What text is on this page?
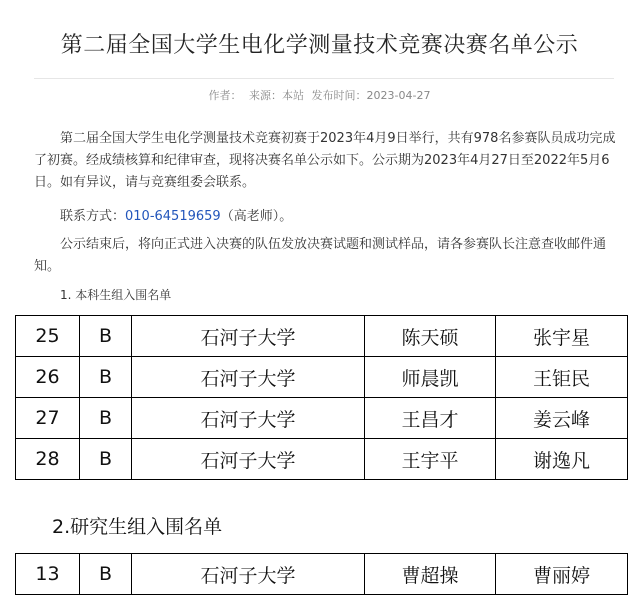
第二届全国大学生电化学测量技术竞赛决赛名单公示
作者： 来源：本站 发布时间：2023-04-27

第二届全国大学生电化学测量技术竞赛初赛于2023年4月9日举行，共有978名参赛队员成功完成了初赛。经成绩核算和纪律审查，现将决赛名单公示如下。公示期为2023年4月27日至2022年5月6日。如有异议，请与竞赛组委会联系。

联系方式：010-64519659（高老师）。

公示结束后，将向正式进入决赛的队伍发放决赛试题和测试样品，请各参赛队长注意查收邮件通知。

1. 本科生组入围名单
25	B	石河子大学	陈天硕	张宇星
26	B	石河子大学	师晨凯	王钜民
27	B	石河子大学	王昌才	姜云峰
28	B	石河子大学	王宇平	谢逸凡
2.研究生组入围名单
13	B	石河子大学	曹超操	曹丽婷
